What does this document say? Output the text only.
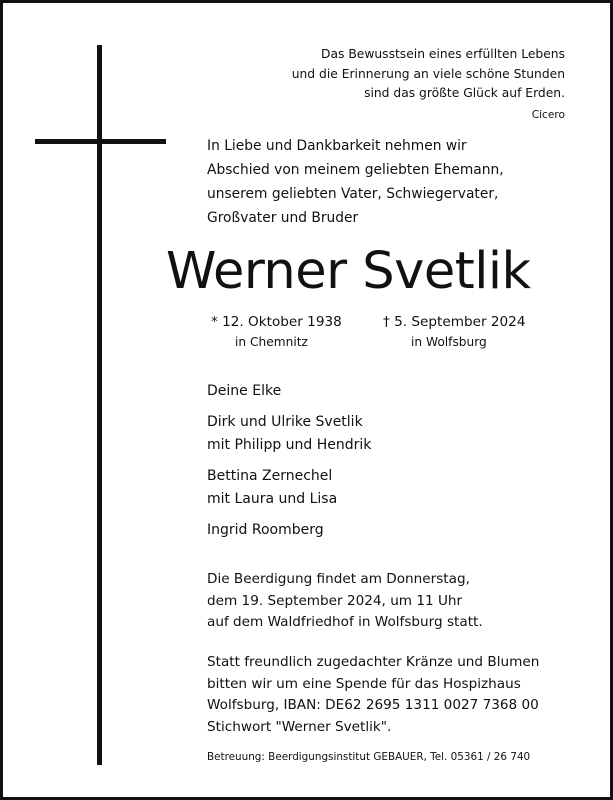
Das Bewusstsein eines erfüllten Lebens
und die Erinnerung an viele schöne Stunden
sind das größte Glück auf Erden.
Cicero
In Liebe und Dankbarkeit nehmen wir
Abschied von meinem geliebten Ehemann,
unserem geliebten Vater, Schwiegervater,
Großvater und Bruder
Werner Svetlik
* 12. Oktober 1938
in Chemnitz
† 5. September 2024
in Wolfsburg
Deine Elke
Dirk und Ulrike Svetlik
mit Philipp und Hendrik
Bettina Zernechel
mit Laura und Lisa
Ingrid Roomberg
Die Beerdigung findet am Donnerstag,
dem 19. September 2024, um 11 Uhr
auf dem Waldfriedhof in Wolfsburg statt.
Statt freundlich zugedachter Kränze und Blumen
bitten wir um eine Spende für das Hospizhaus
Wolfsburg, IBAN: DE62 2695 1311 0027 7368 00
Stichwort "Werner Svetlik".
Betreuung: Beerdigungsinstitut GEBAUER, Tel. 05361 / 26 740
